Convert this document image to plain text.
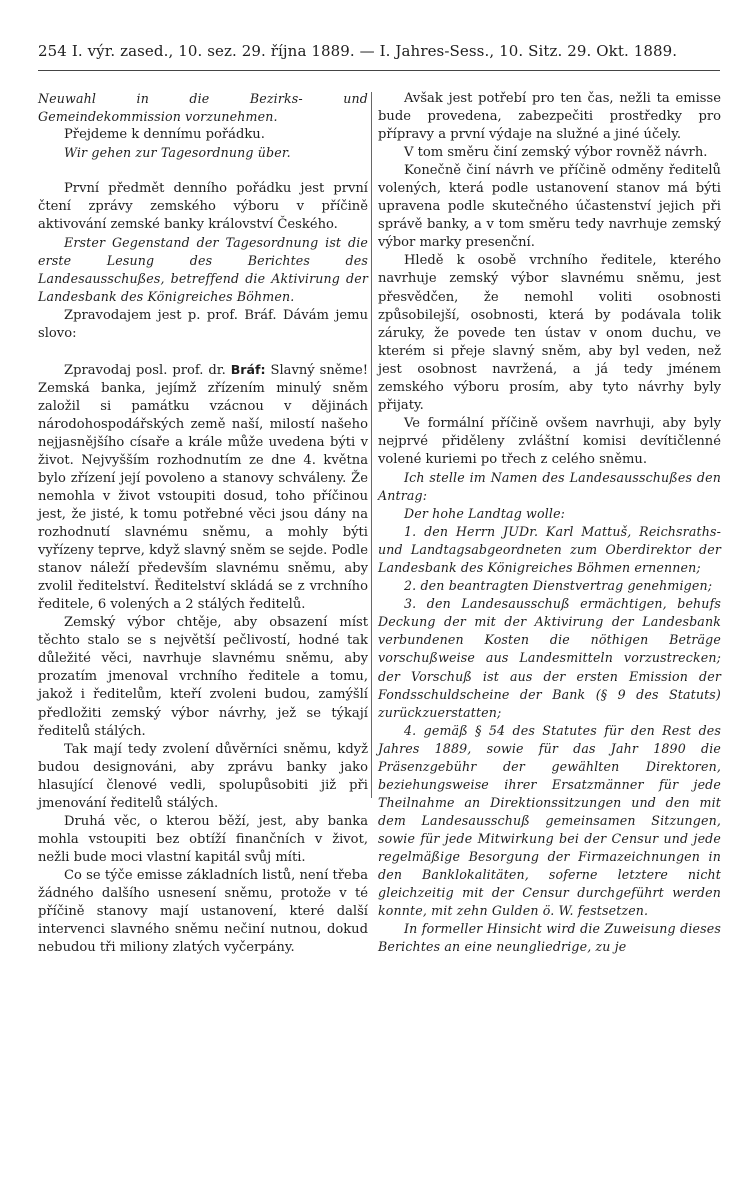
254 I. výr. zased., 10. sez. 29. října 1889. — I. Jahres-Sess., 10. Sitz. 29. Okt. 1889.

Neuwahl in die Bezirks- und Gemeindekommission vorzunehmen.

Přejdeme k dennímu pořádku.

Wir gehen zur Tagesordnung über.

První předmět denního pořádku jest první čtení zprávy zemského výboru v příčině aktivování zemské banky království Českého.

Erster Gegenstand der Tagesordnung ist die erste Lesung des Berichtes des Landesausschußes, betreffend die Aktivirung der Landesbank des Königreiches Böhmen.

Zpravodajem jest p. prof. Bráf. Dávám jemu slovo:

Zpravodaj posl. prof. dr. Bráf: Slavný sněme! Zemská banka, jejímž zřízením minulý sněm založil si památku vzácnou v dějinách národohospodářských země naší, milostí našeho nejjasnějšího císaře a krále může uvedena býti v život. Nejvyšším rozhodnutím ze dne 4. května bylo zřízení její povoleno a stanovy schváleny. Že nemohla v život vstoupiti dosud, toho příčinou jest, že jisté, k tomu potřebné věci jsou dány na rozhodnutí slavnému sněmu, a mohly býti vyřízeny teprve, když slavný sněm se sejde. Podle stanov náleží především slavnému sněmu, aby zvolil ředitelství. Ředitelství skládá se z vrchního ředitele, 6 volených a 2 stálých ředitelů.

Zemský výbor chtěje, aby obsazení míst těchto stalo se s největší pečlivostí, hodné tak důležité věci, navrhuje slavnému sněmu, aby prozatím jmenoval vrchního ředitele a tomu, jakož i ředitelům, kteří zvoleni budou, zamýšlí předložiti zemský výbor návrhy, jež se týkají ředitelů stálých.

Tak mají tedy zvolení důvěrníci sněmu, když budou designováni, aby zprávu banky jako hlasující členové vedli, spolupůsobiti již při jmenování ředitelů stálých.

Druhá věc, o kterou běží, jest, aby banka mohla vstoupiti bez obtíží finančních v život, nežli bude moci vlastní kapitál svůj míti.

Co se týče emisse základních listů, není třeba žádného dalšího usnesení sněmu, protože v té příčině stanovy mají ustanovení, které další intervenci slavného sněmu nečiní nutnou, dokud nebudou tři miliony zlatých vyčerpány.

Avšak jest potřebí pro ten čas, nežli ta emisse bude provedena, zabezpečiti prostředky pro přípravy a první výdaje na služné a jiné účely.

V tom směru činí zemský výbor rovněž návrh.

Konečně činí návrh ve příčině odměny ředitelů volených, která podle ustanovení stanov má býti upravena podle skutečného účastenství jejich při správě banky, a v tom směru tedy navrhuje zemský výbor marky presenční.

Hledě k osobě vrchního ředitele, kterého navrhuje zemský výbor slavnému sněmu, jest přesvědčen, že nemohl voliti osobnosti způsobilejší, osobnosti, která by podávala tolik záruky, že povede ten ústav v onom duchu, ve kterém si přeje slavný sněm, aby byl veden, než jest osobnost navržená, a já tedy jménem zemského výboru prosím, aby tyto návrhy byly přijaty.

Ve formální příčině ovšem navrhuji, aby byly nejprvé přiděleny zvláštní komisi devítičlenné volené kuriemi po třech z celého sněmu.

Ich stelle im Namen des Landesausschußes den Antrag:

Der hohe Landtag wolle:

1. den Herrn JUDr. Karl Mattuš, Reichsraths- und Landtagsabgeordneten zum Oberdirektor der Landesbank des Königreiches Böhmen ernennen;

2. den beantragten Dienstvertrag genehmigen;

3. den Landesausschuß ermächtigen, behufs Deckung der mit der Aktivirung der Landesbank verbundenen Kosten die nöthigen Beträge vorschußweise aus Landesmitteln vorzustrecken; der Vorschuß ist aus der ersten Emission der Fondsschuldscheine der Bank (§ 9 des Statuts) zurückzuerstatten;

4. gemäß § 54 des Statutes für den Rest des Jahres 1889, sowie für das Jahr 1890 die Präsenzgebühr der gewählten Direktoren, beziehungsweise ihrer Ersatzmänner für jede Theilnahme an Direktionssitzungen und den mit dem Landesausschuß gemeinsamen Sitzungen, sowie für jede Mitwirkung bei der Censur und jede regelmäßige Besorgung der Firmazeichnungen in den Banklokalitäten, soferne letztere nicht gleichzeitig mit der Censur durchgeführt werden konnte, mit zehn Gulden ö. W. festsetzen.

In formeller Hinsicht wird die Zuweisung dieses Berichtes an eine neungliedrige, zu je
